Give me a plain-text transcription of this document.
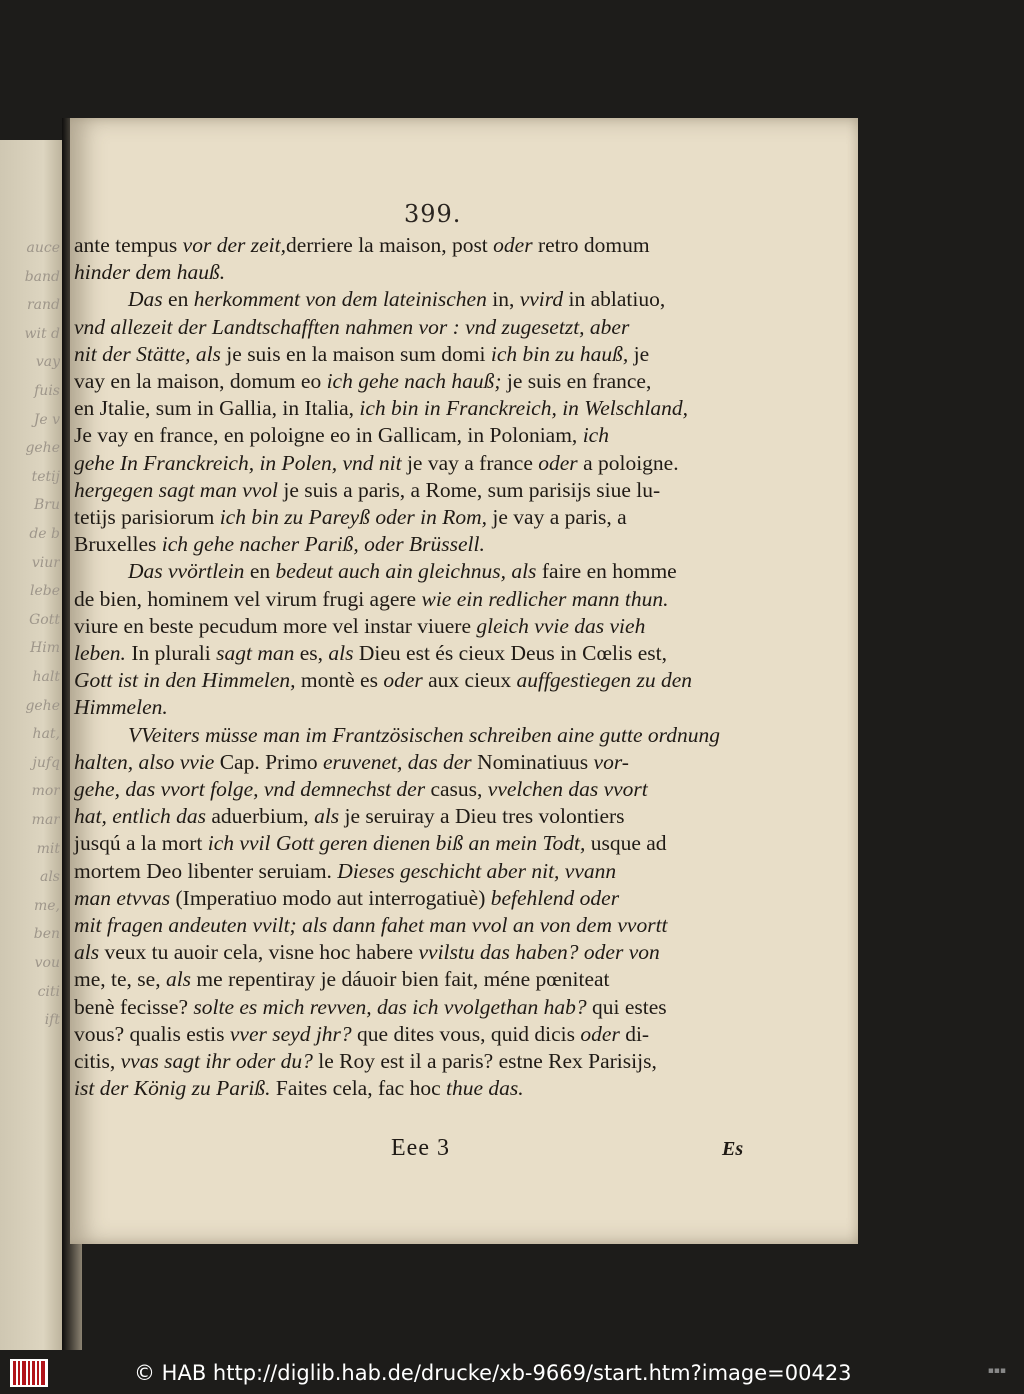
399.

ante tempus vor der zeit,derriere la maison, post oder retro domum

hinder dem hauß.

Das en herkomment von dem lateinischen in, vvird in ablatiuo,

vnd allezeit der Landtschafften nahmen vor : vnd zugesetzt, aber

nit der Stätte, als je suis en la maison sum domi ich bin zu hauß, je

vay en la maison, domum eo ich gehe nach hauß; je suis en france,

en Jtalie, sum in Gallia, in Italia, ich bin in Franckreich, in Welschland,

Je vay en france, en poloigne eo in Gallicam, in Poloniam, ich

gehe In Franckreich, in Polen, vnd nit je vay a france oder a poloigne.

hergegen sagt man vvol je suis a paris, a Rome, sum parisijs siue lu-

tetijs parisiorum ich bin zu Pareyß oder in Rom, je vay a paris, a

Bruxelles ich gehe nacher Pariß, oder Brüssell.

Das vvörtlein en bedeut auch ain gleichnus, als faire en homme

de bien, hominem vel virum frugi agere wie ein redlicher mann thun.

viure en beste pecudum more vel instar viuere gleich vvie das vieh

leben. In plurali sagt man es, als Dieu est és cieux Deus in Cœlis est,

Gott ist in den Himmelen, montè es oder aux cieux auffgestiegen zu den

Himmelen.

VVeiters müsse man im Frantzösischen schreiben aine gutte ordnung

halten, also vvie Cap. Primo eruvenet, das der Nominatiuus vor-

gehe, das vvort folge, vnd demnechst der casus, vvelchen das vvort

hat, entlich das aduerbium, als je seruiray a Dieu tres volontiers

jusqú a la mort ich vvil Gott geren dienen biß an mein Todt, usque ad

mortem Deo libenter seruiam. Dieses geschicht aber nit, vvann

man etvvas (Imperatiuo modo aut interrogatiuè) befehlend oder

mit fragen andeuten vvilt; als dann fahet man vvol an von dem vvortt

als veux tu auoir cela, visne hoc habere vvilstu das haben? oder von

me, te, se, als me repentiray je dáuoir bien fait, méne pœniteat

benè fecisse? solte es mich revven, das ich vvolgethan hab? qui estes

vous? qualis estis vver seyd jhr? que dites vous, quid dicis oder di-

citis, vvas sagt ihr oder du? le Roy est il a paris? estne Rex Parisijs,

ist der König zu Pariß. Faites cela, fac hoc thue das.

Eee 3	Es
auce
band
rand
wit d
vay
fuis
Je v
gehe
tetij
Bru
de b
viur
lebe
Gott
Him
halt
gehe
hat,
jufq
mor
mar
mit
als
me,
ben
vou
citi
ift
© HAB http://diglib.hab.de/drucke/xb-9669/start.htm?image=00423	▪▪▪
